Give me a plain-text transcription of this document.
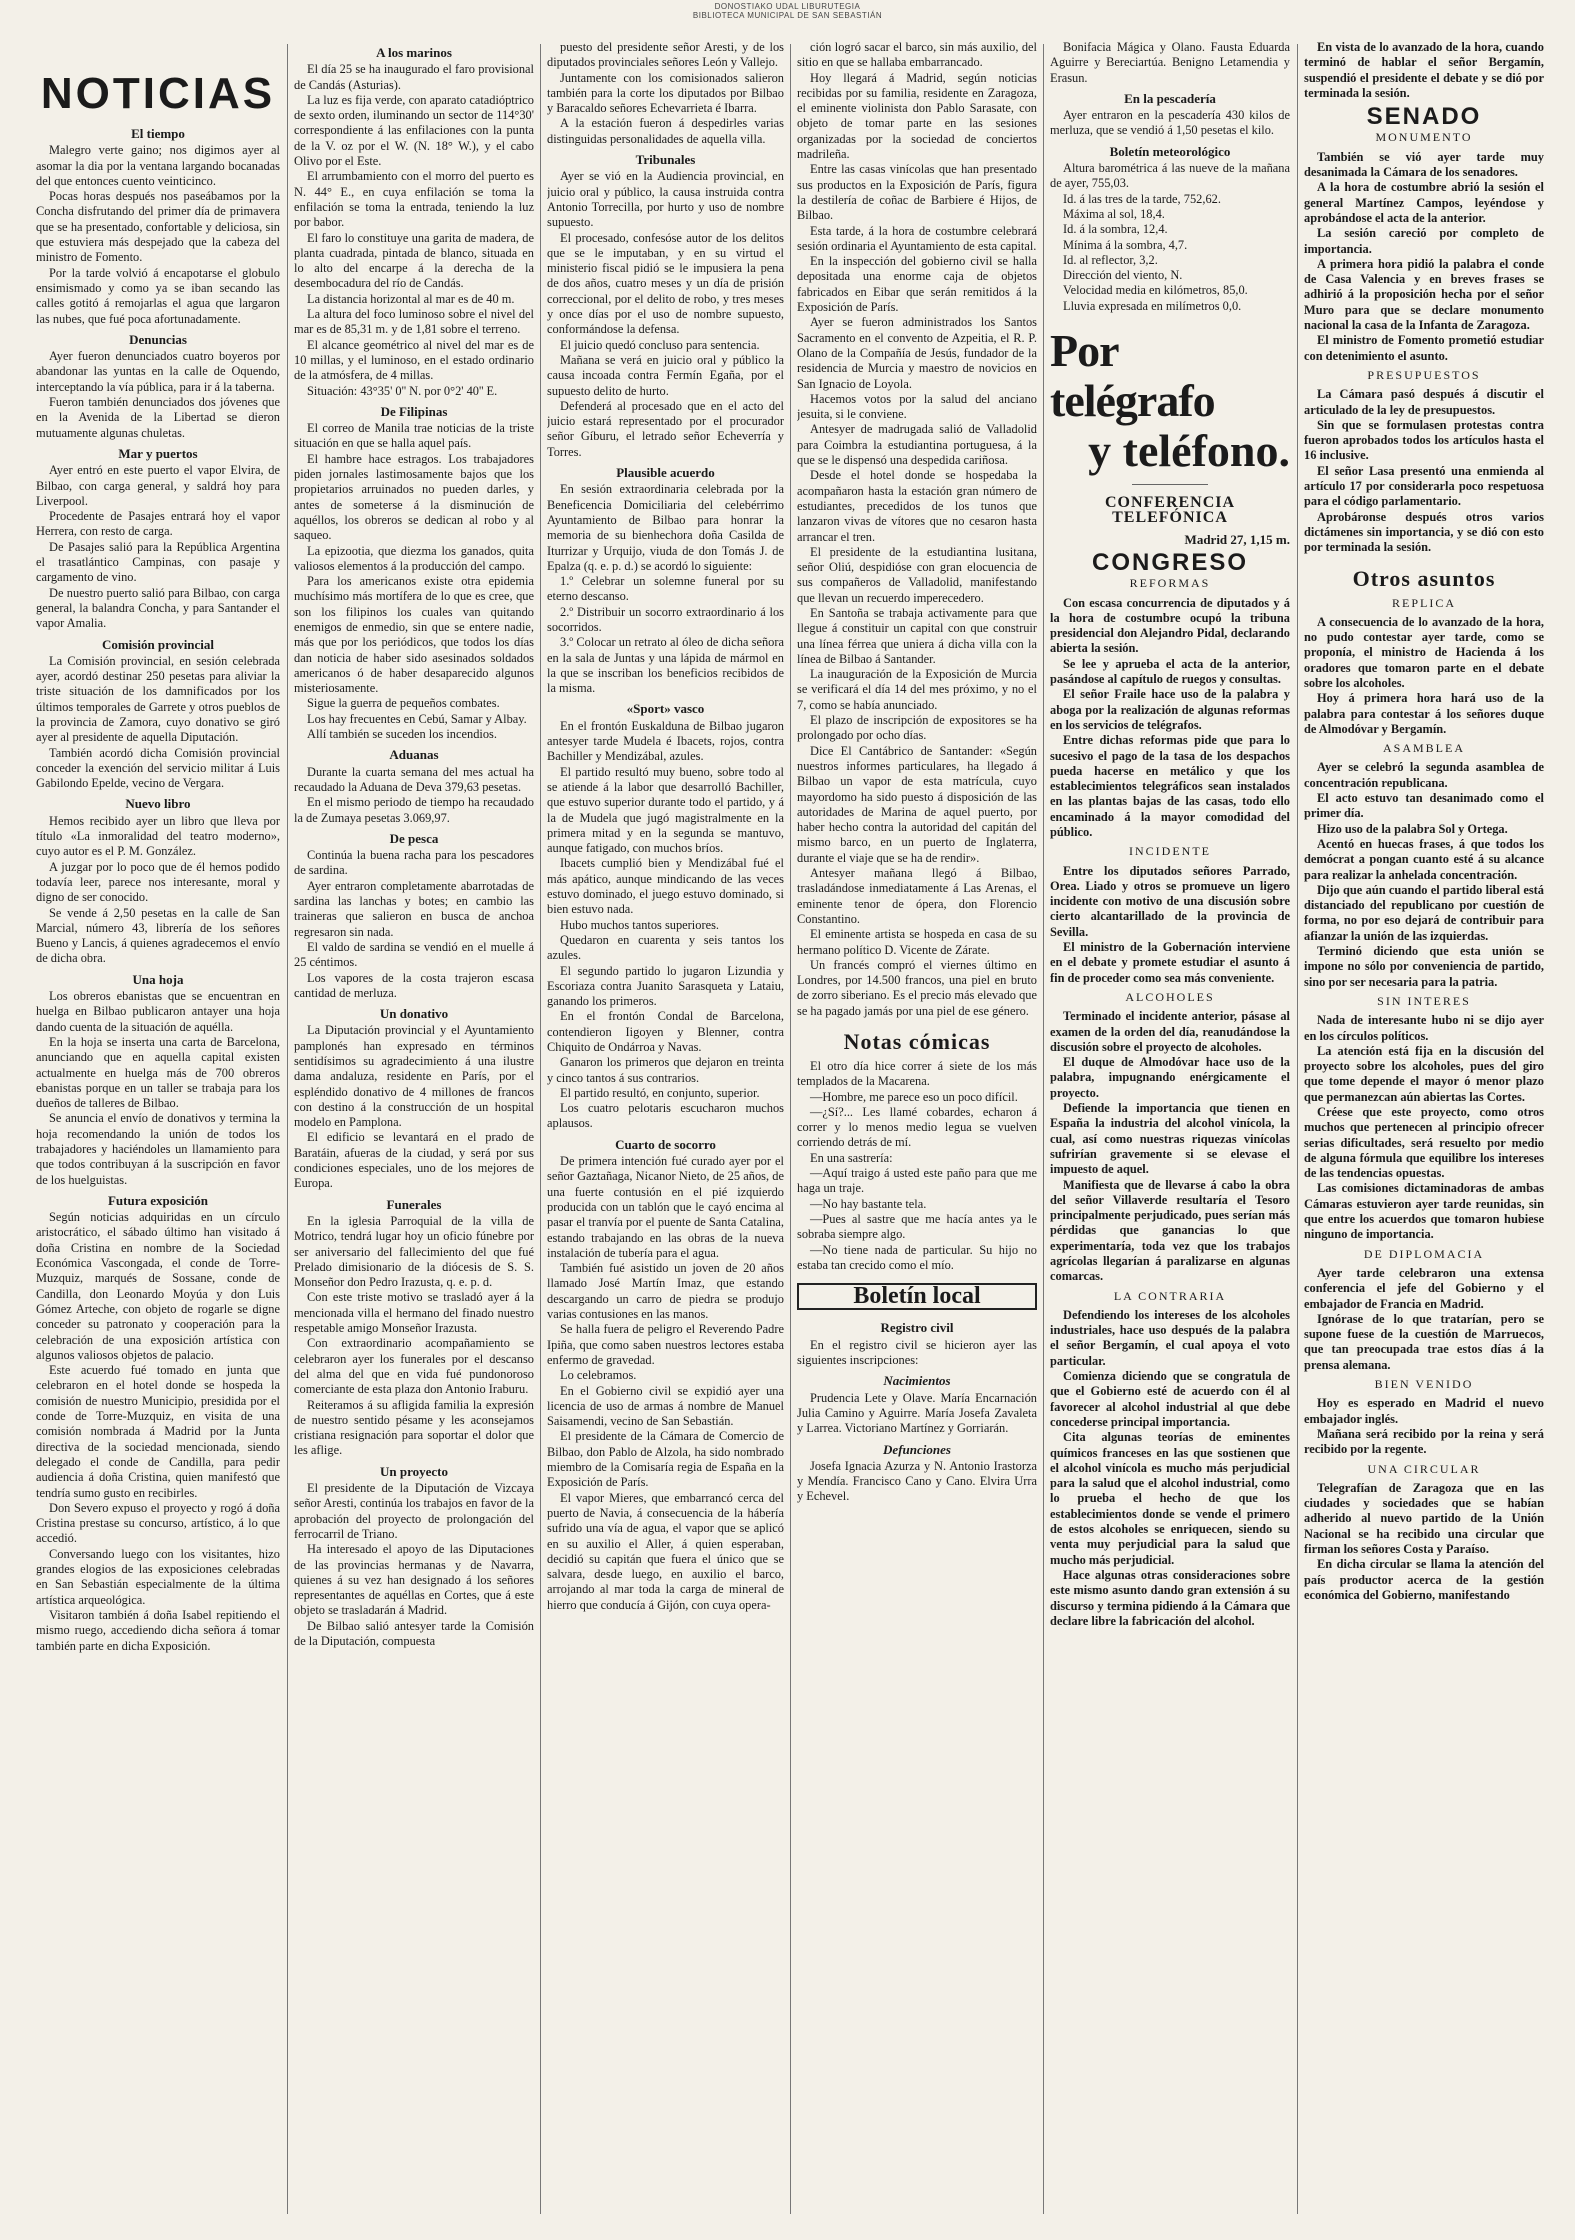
DONOSTIAKO UDAL LIBURUTEGIA
BIBLIOTECA MUNICIPAL DE SAN SEBASTIÁN
NOTICIAS
El tiempo

Malegro verte gaino; nos digimos ayer al asomar la dia por la ventana largando bocanadas del que entonces cuento veinticinco.

Pocas horas después nos paseábamos por la Concha disfrutando del primer día de primavera que se ha presentado, confortable y deliciosa, sin que estuviera más despejado que la cabeza del ministro de Fomento.

Por la tarde volvió á encapotarse el globulo ensimismado y como ya se iban secando las calles gotitó á remojarlas el agua que largaron las nubes, que fué poca afortunadamente.

Denuncias

Ayer fueron denunciados cuatro boyeros por abandonar las yuntas en la calle de Oquendo, interceptando la vía pública, para ir á la taberna.

Fueron también denunciados dos jóvenes que en la Avenida de la Libertad se dieron mutuamente algunas chuletas.

Mar y puertos

Ayer entró en este puerto el vapor Elvira, de Bilbao, con carga general, y saldrá hoy para Liverpool.

Procedente de Pasajes entrará hoy el vapor Herrera, con resto de carga.

De Pasajes salió para la República Argentina el trasatlántico Campinas, con pasaje y cargamento de vino.

De nuestro puerto salió para Bilbao, con carga general, la balandra Concha, y para Santander el vapor Amalia.

Comisión provincial

La Comisión provincial, en sesión celebrada ayer, acordó destinar 250 pesetas para aliviar la triste situación de los damnificados por los últimos temporales de Garrete y otros pueblos de la provincia de Zamora, cuyo donativo se giró ayer al presidente de aquella Diputación.

También acordó dicha Comisión provincial conceder la exención del servicio militar á Luis Gabilondo Epelde, vecino de Vergara.

Nuevo libro

Hemos recibido ayer un libro que lleva por título «La inmoralidad del teatro moderno», cuyo autor es el P. M. González.

A juzgar por lo poco que de él hemos podido todavía leer, parece nos interesante, moral y digno de ser conocido.

Se vende á 2,50 pesetas en la calle de San Marcial, número 43, librería de los señores Bueno y Lancis, á quienes agradecemos el envío de dicha obra.

Una hoja

Los obreros ebanistas que se encuentran en huelga en Bilbao publicaron antayer una hoja dando cuenta de la situación de aquélla.

En la hoja se inserta una carta de Barcelona, anunciando que en aquella capital existen actualmente en huelga más de 700 obreros ebanistas porque en un taller se trabaja para los dueños de talleres de Bilbao.

Se anuncia el envío de donativos y termina la hoja recomendando la unión de todos los trabajadores y haciéndoles un llamamiento para que todos contribuyan á la suscripción en favor de los huelguistas.

Futura exposición

Según noticias adquiridas en un círculo aristocrático, el sábado último han visitado á doña Cristina en nombre de la Sociedad Económica Vascongada, el conde de Torre-Muzquiz, marqués de Sossane, conde de Candilla, don Leonardo Moyúa y don Luis Gómez Arteche, con objeto de rogarle se digne conceder su patronato y cooperación para la celebración de una exposición artística con algunos valiosos objetos de palacio.

Este acuerdo fué tomado en junta que celebraron en el hotel donde se hospeda la comisión de nuestro Municipio, presidida por el conde de Torre-Muzquiz, en visita de una comisión nombrada á Madrid por la Junta directiva de la sociedad mencionada, siendo delegado el conde de Candilla, para pedir audiencia á doña Cristina, quien manifestó que tendría sumo gusto en recibirles.

Don Severo expuso el proyecto y rogó á doña Cristina prestase su concurso, artístico, á lo que accedió.

Conversando luego con los visitantes, hizo grandes elogios de las exposiciones celebradas en San Sebastián especialmente de la última artística arqueológica.

Visitaron también á doña Isabel repitiendo el mismo ruego, accediendo dicha señora á tomar también parte en dicha Exposición.

A los marinos

El día 25 se ha inaugurado el faro provisional de Candás (Asturias).

La luz es fija verde, con aparato catadióptrico de sexto orden, iluminando un sector de 114°30' correspondiente á las enfilaciones con la punta de la V. oz por el W. (N. 18° W.), y el cabo Olivo por el Este.

El arrumbamiento con el morro del puerto es N. 44° E., en cuya enfilación se toma la enfilación se toma la entrada, teniendo la luz por babor.

El faro lo constituye una garita de madera, de planta cuadrada, pintada de blanco, situada en lo alto del encarpe á la derecha de la desembocadura del río de Candás.

La distancia horizontal al mar es de 40 m.

La altura del foco luminoso sobre el nivel del mar es de 85,31 m. y de 1,81 sobre el terreno.

El alcance geométrico al nivel del mar es de 10 millas, y el luminoso, en el estado ordinario de la atmósfera, de 4 millas.

Situación: 43°35' 0'' N. por 0°2' 40'' E.

De Filipinas

El correo de Manila trae noticias de la triste situación en que se halla aquel país.

El hambre hace estragos. Los trabajadores piden jornales lastimosamente bajos que los propietarios arruinados no pueden darles, y antes de someterse á la disminución de aquéllos, los obreros se dedican al robo y al saqueo.

La epizootia, que diezma los ganados, quita valiosos elementos á la producción del campo.

Para los americanos existe otra epidemia muchísimo más mortífera de lo que es cree, que son los filipinos los cuales van quitando enemigos de enmedio, sin que se entere nadie, más que por los periódicos, que todos los días dan noticia de haber sido asesinados soldados americanos ó de haber desaparecido algunos misteriosamente.

Sigue la guerra de pequeños combates.

Los hay frecuentes en Cebú, Samar y Albay.

Allí también se suceden los incendios.

Aduanas

Durante la cuarta semana del mes actual ha recaudado la Aduana de Deva 379,63 pesetas.

En el mismo periodo de tiempo ha recaudado la de Zumaya pesetas 3.069,97.

De pesca

Continúa la buena racha para los pescadores de sardina.

Ayer entraron completamente abarrotadas de sardina las lanchas y botes; en cambio las traineras que salieron en busca de anchoa regresaron sin nada.

El valdo de sardina se vendió en el muelle á 25 céntimos.

Los vapores de la costa trajeron escasa cantidad de merluza.

Un donativo

La Diputación provincial y el Ayuntamiento pamplonés han expresado en términos sentidísimos su agradecimiento á una ilustre dama andaluza, residente en París, por el espléndido donativo de 4 millones de francos con destino á la construcción de un hospital modelo en Pamplona.

El edificio se levantará en el prado de Baratáin, afueras de la ciudad, y será por sus condiciones especiales, uno de los mejores de Europa.

Funerales

En la iglesia Parroquial de la villa de Motrico, tendrá lugar hoy un oficio fúnebre por ser aniversario del fallecimiento del que fué Prelado dimisionario de la diócesis de S. S. Monseñor don Pedro Irazusta, q. e. p. d.

Con este triste motivo se trasladó ayer á la mencionada villa el hermano del finado nuestro respetable amigo Monseñor Irazusta.

Con extraordinario acompañamiento se celebraron ayer los funerales por el descanso del alma del que en vida fué pundonoroso comerciante de esta plaza don Antonio Iraburu.

Reiteramos á su afligida familia la expresión de nuestro sentido pésame y les aconsejamos cristiana resignación para soportar el dolor que les aflige.

Un proyecto

El presidente de la Diputación de Vizcaya señor Aresti, continúa los trabajos en favor de la aprobación del proyecto de prolongación del ferrocarril de Triano.

Ha interesado el apoyo de las Diputaciones de las provincias hermanas y de Navarra, quienes á su vez han designado á los señores representantes de aquéllas en Cortes, que á este objeto se trasladarán á Madrid.

De Bilbao salió antesyer tarde la Comisión de la Diputación, compuesta

puesto del presidente señor Aresti, y de los diputados provinciales señores León y Vallejo.

Juntamente con los comisionados salieron también para la corte los diputados por Bilbao y Baracaldo señores Echevarrieta é Ibarra.

A la estación fueron á despedirles varias distinguidas personalidades de aquella villa.

Tribunales

Ayer se vió en la Audiencia provincial, en juicio oral y público, la causa instruida contra Antonio Torrecilla, por hurto y uso de nombre supuesto.

El procesado, confesóse autor de los delitos que se le imputaban, y en su virtud el ministerio fiscal pidió se le impusiera la pena de dos años, cuatro meses y un día de prisión correccional, por el delito de robo, y tres meses y once días por el uso de nombre supuesto, conformándose la defensa.

El juicio quedó concluso para sentencia.

Mañana se verá en juicio oral y público la causa incoada contra Fermín Egaña, por el supuesto delito de hurto.

Defenderá al procesado que en el acto del juicio estará representado por el procurador señor Gíburu, el letrado señor Echeverría y Torres.

Plausible acuerdo

En sesión extraordinaria celebrada por la Beneficencia Domiciliaria del celebérrimo Ayuntamiento de Bilbao para honrar la memoria de su bienhechora doña Casilda de Iturrizar y Urquijo, viuda de don Tomás J. de Epalza (q. e. p. d.) se acordó lo siguiente:

1.º Celebrar un solemne funeral por su eterno descanso.

2.º Distribuir un socorro extraordinario á los socorridos.

3.º Colocar un retrato al óleo de dicha señora en la sala de Juntas y una lápida de mármol en la que se inscriban los beneficios recibidos de la misma.

«Sport» vasco

En el frontón Euskalduna de Bilbao jugaron antesyer tarde Mudela é Ibacets, rojos, contra Bachiller y Mendizábal, azules.

El partido resultó muy bueno, sobre todo al se atiende á la labor que desarrolló Bachiller, que estuvo superior durante todo el partido, y á la de Mudela que jugó magistralmente en la primera mitad y en la segunda se mantuvo, aunque fatigado, con muchos bríos.

Ibacets cumplió bien y Mendizábal fué el más apático, aunque mindicando de las veces estuvo dominado, el juego estuvo dominado, si bien estuvo nada.

Hubo muchos tantos superiores.

Quedaron en cuarenta y seis tantos los azules.

El segundo partido lo jugaron Lizundia y Escoriaza contra Juanito Sarasqueta y Lataiu, ganando los primeros.

En el frontón Condal de Barcelona, contendieron Iigoyen y Blenner, contra Chiquito de Ondárroa y Navas.

Ganaron los primeros que dejaron en treinta y cinco tantos á sus contrarios.

El partido resultó, en conjunto, superior.

Los cuatro pelotaris escucharon muchos aplausos.

Cuarto de socorro

De primera intención fué curado ayer por el señor Gaztañaga, Nicanor Nieto, de 25 años, de una fuerte contusión en el pié izquierdo producida con un tablón que le cayó encima al pasar el tranvía por el puente de Santa Catalina, estando trabajando en las obras de la nueva instalación de tubería para el agua.

También fué asistido un joven de 20 años llamado José Martín Imaz, que estando descargando un carro de piedra se produjo varias contusiones en las manos.

Se halla fuera de peligro el Reverendo Padre Ipiña, que como saben nuestros lectores estaba enfermo de gravedad.

Lo celebramos.

En el Gobierno civil se expidió ayer una licencia de uso de armas á nombre de Manuel Saisamendi, vecino de San Sebastián.

El presidente de la Cámara de Comercio de Bilbao, don Pablo de Alzola, ha sido nombrado miembro de la Comisaría regia de España en la Exposición de París.

El vapor Mieres, que embarrancó cerca del puerto de Navia, á consecuencia de la hábería sufrido una vía de agua, el vapor que se aplicó en su auxilio el Aller, á quien esperaban, decidió su capitán que fuera el único que se salvara, desde luego, en auxilio el barco, arrojando al mar toda la carga de mineral de hierro que conducía á Gijón, con cuya opera-

ción logró sacar el barco, sin más auxilio, del sitio en que se hallaba embarrancado.

Hoy llegará á Madrid, según noticias recibidas por su familia, residente en Zaragoza, el eminente violinista don Pablo Sarasate, con objeto de tomar parte en las sesiones organizadas por la sociedad de conciertos madrileña.

Entre las casas vinícolas que han presentado sus productos en la Exposición de París, figura la destilería de coñac de Barbiere é Hijos, de Bilbao.

Esta tarde, á la hora de costumbre celebrará sesión ordinaria el Ayuntamiento de esta capital.

En la inspección del gobierno civil se halla depositada una enorme caja de objetos fabricados en Eibar que serán remitidos á la Exposición de París.

Ayer se fueron administrados los Santos Sacramento en el convento de Azpeitia, el R. P. Olano de la Compañía de Jesús, fundador de la residencia de Murcia y maestro de novicios en San Ignacio de Loyola.

Hacemos votos por la salud del anciano jesuita, si le conviene.

Antesyer de madrugada salió de Valladolid para Coimbra la estudiantina portuguesa, á la que se le dispensó una despedida cariñosa.

Desde el hotel donde se hospedaba la acompañaron hasta la estación gran número de estudiantes, precedidos de los tunos que lanzaron vivas de vítores que no cesaron hasta arrancar el tren.

El presidente de la estudiantina lusitana, señor Oliú, despidióse con gran elocuencia de sus compañeros de Valladolid, manifestando que llevan un recuerdo imperecedero.

En Santoña se trabaja activamente para que llegue á constituir un capital con que construir una línea férrea que uniera á dicha villa con la línea de Bilbao á Santander.

La inauguración de la Exposición de Murcia se verificará el día 14 del mes próximo, y no el 7, como se había anunciado.

El plazo de inscripción de expositores se ha prolongado por ocho días.

Dice El Cantábrico de Santander: «Según nuestros informes particulares, ha llegado á Bilbao un vapor de esta matrícula, cuyo mayordomo ha sido puesto á disposición de las autoridades de Marina de aquel puerto, por haber hecho contra la autoridad del capitán del mismo barco, en un puerto de Inglaterra, durante el viaje que se ha de rendir».

Antesyer mañana llegó á Bilbao, trasladándose inmediatamente á Las Arenas, el eminente tenor de ópera, don Florencio Constantino.

El eminente artista se hospeda en casa de su hermano político D. Vicente de Zárate.

Un francés compró el viernes último en Londres, por 14.500 francos, una piel en bruto de zorro siberiano. Es el precio más elevado que se ha pagado jamás por una piel de ese género.

Notas cómicas

El otro día hice correr á siete de los más templados de la Macarena.

—Hombre, me parece eso un poco difícil.

—¿Sí?... Les llamé cobardes, echaron á correr y lo menos medio legua se vuelven corriendo detrás de mí.

En una sastrería:

—Aquí traigo á usted este paño para que me haga un traje.

—No hay bastante tela.

—Pues al sastre que me hacía antes ya le sobraba siempre algo.

—No tiene nada de particular. Su hijo no estaba tan crecido como el mío.

Boletín local
Registro civil

En el registro civil se hicieron ayer las siguientes inscripciones:

Nacimientos

Prudencia Lete y Olave. María Encarnación Julia Camino y Aguirre. María Josefa Zavaleta y Larrea. Victoriano Martínez y Gorriarán.

Defunciones

Josefa Ignacia Azurza y N. Antonio Irastorza y Mendía. Francisco Cano y Cano. Elvira Urra y Echevel.

Bonifacia Mágica y Olano. Fausta Eduarda Aguirre y Bereciartúa. Benigno Letamendia y Erasun.

En la pescadería

Ayer entraron en la pescadería 430 kilos de merluza, que se vendió á 1,50 pesetas el kilo.

Boletín meteorológico

Altura barométrica á las nueve de la mañana de ayer, 755,03.

Id. á las tres de la tarde, 752,62.

Máxima al sol, 18,4.

Id. á la sombra, 12,4.

Mínima á la sombra, 4,7.

Id. al reflector, 3,2.

Dirección del viento, N.

Velocidad media en kilómetros, 85,0.

Lluvia expresada en milímetros 0,0.

Por telégrafo
y teléfono.
CONFERENCIA TELEFÓNICA
Madrid 27, 1,15 m.
CONGRESO
REFORMAS

Con escasa concurrencia de diputados y á la hora de costumbre ocupó la tribuna presidencial don Alejandro Pidal, declarando abierta la sesión.

Se lee y aprueba el acta de la anterior, pasándose al capítulo de ruegos y consultas.

El señor Fraile hace uso de la palabra y aboga por la realización de algunas reformas en los servicios de telégrafos.

Entre dichas reformas pide que para lo sucesivo el pago de la tasa de los despachos pueda hacerse en metálico y que los establecimientos telegráficos sean instalados en las plantas bajas de las casas, todo ello encaminado á la mayor comodidad del público.

INCIDENTE

Entre los diputados señores Parrado, Orea. Liado y otros se promueve un ligero incidente con motivo de una discusión sobre cierto alcantarillado de la provincia de Sevilla.

El ministro de la Gobernación interviene en el debate y promete estudiar el asunto á fin de proceder como sea más conveniente.

ALCOHOLES

Terminado el incidente anterior, pásase al examen de la orden del día, reanudándose la discusión sobre el proyecto de alcoholes.

El duque de Almodóvar hace uso de la palabra, impugnando enérgicamente el proyecto.

Defiende la importancia que tienen en España la industria del alcohol vinícola, la cual, así como nuestras riquezas vinícolas sufrirían gravemente si se elevase el impuesto de aquel.

Manifiesta que de llevarse á cabo la obra del señor Villaverde resultaría el Tesoro principalmente perjudicado, pues serían más pérdidas que ganancias lo que experimentaría, toda vez que los trabajos agrícolas llegarían á paralizarse en algunas comarcas.

LA CONTRARIA

Defendiendo los intereses de los alcoholes industriales, hace uso después de la palabra el señor Bergamín, el cual apoya el voto particular.

Comienza diciendo que se congratula de que el Gobierno esté de acuerdo con él al favorecer al alcohol industrial al que debe concederse principal importancia.

Cita algunas teorías de eminentes químicos franceses en las que sostienen que el alcohol vinícola es mucho más perjudicial para la salud que el alcohol industrial, como lo prueba el hecho de que los establecimientos donde se vende el primero de estos alcoholes se enriquecen, siendo su venta muy perjudicial para la salud que mucho más perjudicial.

Hace algunas otras consideraciones sobre este mismo asunto dando gran extensión á su discurso y termina pidiendo á la Cámara que declare libre la fabricación del alcohol.

En vista de lo avanzado de la hora, cuando terminó de hablar el señor Bergamín, suspendió el presidente el debate y se dió por terminada la sesión.

SENADO
MONUMENTO

También se vió ayer tarde muy desanimada la Cámara de los senadores.

A la hora de costumbre abrió la sesión el general Martínez Campos, leyéndose y aprobándose el acta de la anterior.

La sesión careció por completo de importancia.

A primera hora pidió la palabra el conde de Casa Valencia y en breves frases se adhirió á la proposición hecha por el señor Muro para que se declare monumento nacional la casa de la Infanta de Zaragoza.

El ministro de Fomento prometió estudiar con detenimiento el asunto.

PRESUPUESTOS

La Cámara pasó después á discutir el articulado de la ley de presupuestos.

Sin que se formulasen protestas contra fueron aprobados todos los artículos hasta el 16 inclusive.

El señor Lasa presentó una enmienda al artículo 17 por considerarla poco respetuosa para el código parlamentario.

Aprobáronse después otros varios dictámenes sin importancia, y se dió con esto por terminada la sesión.

Otros asuntos
REPLICA

A consecuencia de lo avanzado de la hora, no pudo contestar ayer tarde, como se proponía, el ministro de Hacienda á los oradores que tomaron parte en el debate sobre los alcoholes.

Hoy á primera hora hará uso de la palabra para contestar á los señores duque de Almodóvar y Bergamín.

ASAMBLEA

Ayer se celebró la segunda asamblea de concentración republicana.

El acto estuvo tan desanimado como el primer día.

Hizo uso de la palabra Sol y Ortega.

Acentó en huecas frases, á que todos los demócrat a pongan cuanto esté á su alcance para realizar la anhelada concentración.

Dijo que aún cuando el partido liberal está distanciado del republicano por cuestión de forma, no por eso dejará de contribuir para afianzar la unión de las izquierdas.

Terminó diciendo que esta unión se impone no sólo por conveniencia de partido, sino por ser necesaria para la patria.

SIN INTERES

Nada de interesante hubo ni se dijo ayer en los círculos políticos.

La atención está fija en la discusión del proyecto sobre los alcoholes, pues del giro que tome depende el mayor ó menor plazo que permanezcan aún abiertas las Cortes.

Créese que este proyecto, como otros muchos que pertenecen al principio ofrecer serias dificultades, será resuelto por medio de alguna fórmula que equilibre los intereses de las tendencias opuestas.

Las comisiones dictaminadoras de ambas Cámaras estuvieron ayer tarde reunidas, sin que entre los acuerdos que tomaron hubiese ninguno de importancia.

DE DIPLOMACIA

Ayer tarde celebraron una extensa conferencia el jefe del Gobierno y el embajador de Francia en Madrid.

Ignórase de lo que tratarían, pero se supone fuese de la cuestión de Marruecos, que tan preocupada trae estos días á la prensa alemana.

BIEN VENIDO

Hoy es esperado en Madrid el nuevo embajador inglés.

Mañana será recibido por la reina y será recibido por la regente.

UNA CIRCULAR

Telegrafían de Zaragoza que en las ciudades y sociedades que se habían adherido al nuevo partido de la Unión Nacional se ha recibido una circular que firman los señores Costa y Paraíso.

En dicha circular se llama la atención del país productor acerca de la gestión económica del Gobierno, manifestando
